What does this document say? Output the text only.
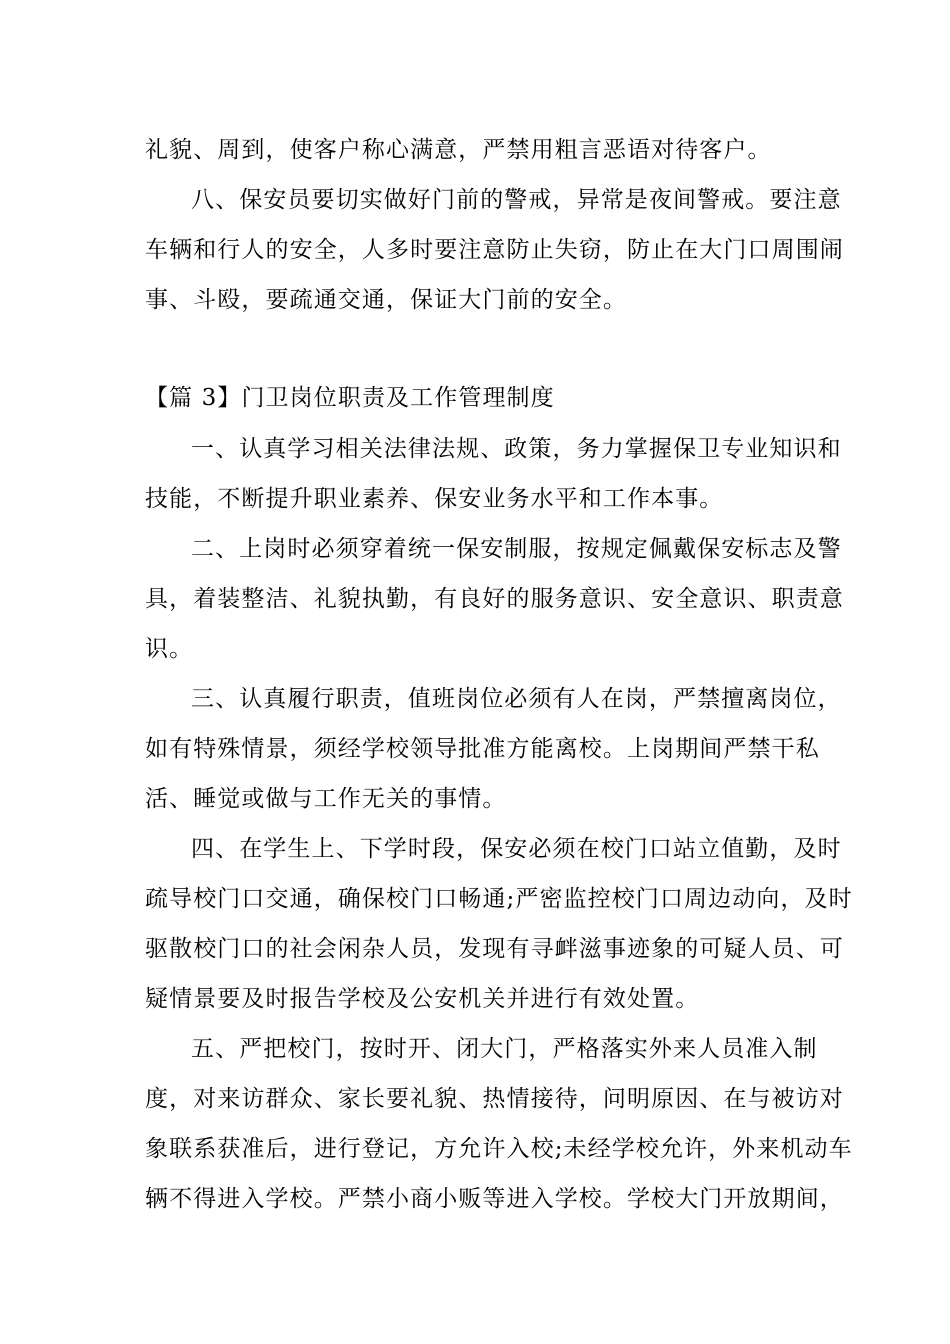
礼貌、周到，使客户称心满意，严禁用粗言恶语对待客户。
八、保安员要切实做好门前的警戒，异常是夜间警戒。要注意
车辆和行人的安全，人多时要注意防止失窃，防止在大门口周围闹
事、斗殴，要疏通交通，保证大门前的安全。
【篇 3】门卫岗位职责及工作管理制度
一、认真学习相关法律法规、政策，务力掌握保卫专业知识和
技能，不断提升职业素养、保安业务水平和工作本事。
二、上岗时必须穿着统一保安制服，按规定佩戴保安标志及警
具，着装整洁、礼貌执勤，有良好的服务意识、安全意识、职责意
识。
三、认真履行职责，值班岗位必须有人在岗，严禁擅离岗位，
如有特殊情景，须经学校领导批准方能离校。上岗期间严禁干私
活、睡觉或做与工作无关的事情。
四、在学生上、下学时段，保安必须在校门口站立值勤，及时
疏导校门口交通，确保校门口畅通;严密监控校门口周边动向，及时
驱散校门口的社会闲杂人员，发现有寻衅滋事迹象的可疑人员、可
疑情景要及时报告学校及公安机关并进行有效处置。
五、严把校门，按时开、闭大门，严格落实外来人员准入制
度，对来访群众、家长要礼貌、热情接待，问明原因、在与被访对
象联系获准后，进行登记，方允许入校;未经学校允许，外来机动车
辆不得进入学校。严禁小商小贩等进入学校。学校大门开放期间，
